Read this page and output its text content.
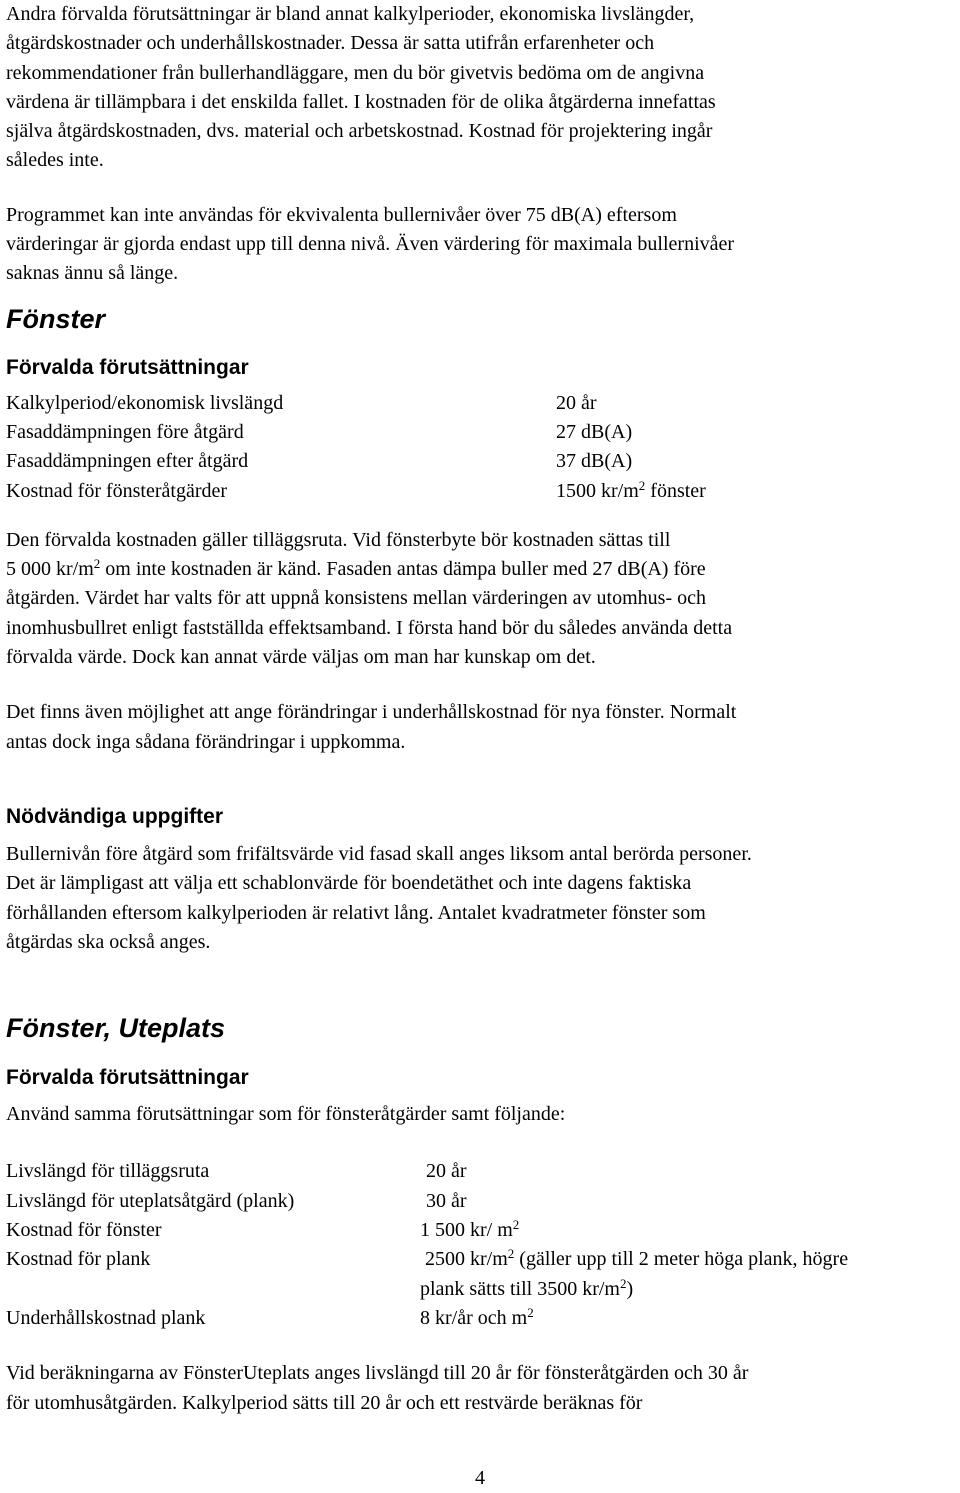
Andra förvalda förutsättningar är bland annat kalkylperioder, ekonomiska livslängder,

åtgärdskostnader och underhållskostnader. Dessa är satta utifrån erfarenheter och

rekommendationer från bullerhandläggare, men du bör givetvis bedöma om de angivna

värdena är tillämpbara i det enskilda fallet. I kostnaden för de olika åtgärderna innefattas

själva åtgärdskostnaden, dvs. material och arbetskostnad. Kostnad för projektering ingår

således inte.

Programmet kan inte användas för ekvivalenta bullernivåer över 75 dB(A) eftersom

värderingar är gjorda endast upp till denna nivå. Även värdering för maximala bullernivåer

saknas ännu så länge.

Fönster
Förvalda förutsättningar
Kalkylperiod/ekonomisk livslängd	20 år
Fasaddämpningen före åtgärd	27 dB(A)
Fasaddämpningen efter åtgärd	37 dB(A)
Kostnad för fönsteråtgärder	1500 $kr/m^2$ fönster

Den förvalda kostnaden gäller tilläggsruta. Vid fönsterbyte bör kostnaden sättas till

5 000 $kr/m^2$ om inte kostnaden är känd. Fasaden antas dämpa buller med 27 dB(A) före

åtgärden. Värdet har valts för att uppnå konsistens mellan värderingen av utomhus- och

inomhusbullret enligt fastställda effektsamband. I första hand bör du således använda detta

förvalda värde. Dock kan annat värde väljas om man har kunskap om det.

Det finns även möjlighet att ange förändringar i underhållskostnad för nya fönster. Normalt

antas dock inga sådana förändringar i uppkomma.

Nödvändiga uppgifter

Bullernivån före åtgärd som frifältsvärde vid fasad skall anges liksom antal berörda personer.

Det är lämpligast att välja ett schablonvärde för boendetäthet och inte dagens faktiska

förhållanden eftersom kalkylperioden är relativt lång. Antalet kvadratmeter fönster som

åtgärdas ska också anges.

Fönster, Uteplats
Förvalda förutsättningar

Använd samma förutsättningar som för fönsteråtgärder samt följande:

Livslängd för tilläggsruta	20 år
Livslängd för uteplatsåtgärd (plank)	30 år
Kostnad för fönster	1 500 kr/ $m^2$
Kostnad för plank	2500 $kr/m^2$ (gäller upp till 2 meter höga plank, högre
plank sätts till 3500 $kr/m^2$)
Underhållskostnad plank	8 kr/år och $m^2$

Vid beräkningarna av FönsterUteplats anges livslängd till 20 år för fönsteråtgärden och 30 år

för utomhusåtgärden. Kalkylperiod sätts till 20 år och ett restvärde beräknas för

4
